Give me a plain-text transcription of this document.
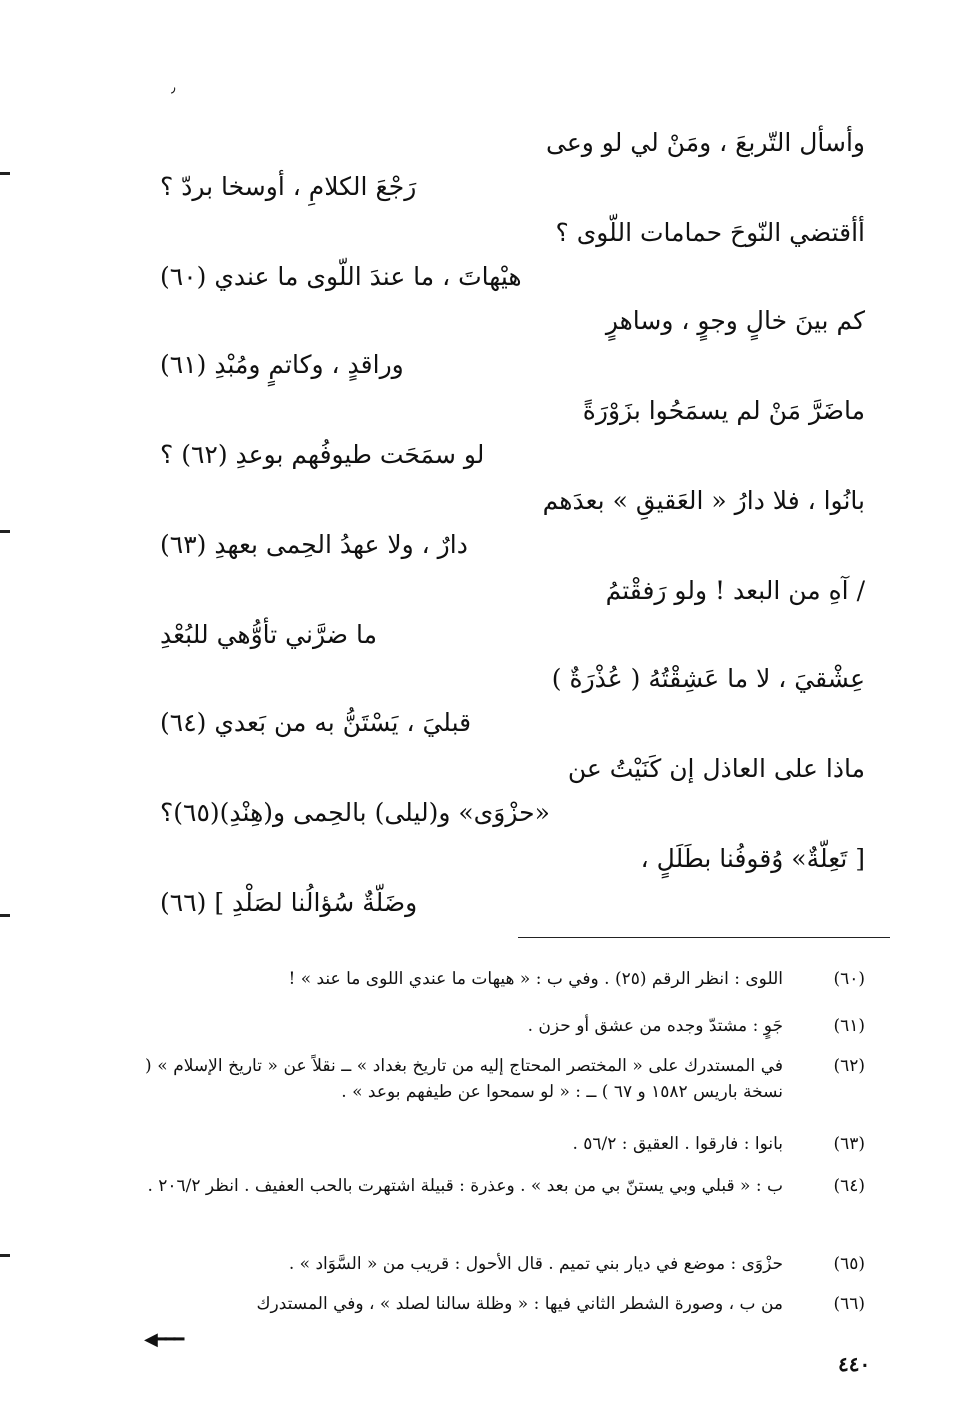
٫
وأسأل التّربعَ ، ومَنْ لي لو وعى
رَجْعَ الكلامِ ، أوسخا بردّ ؟
أأقتضي النّوحَ حمامات اللّوى ؟
هيْهاتَ ، ما عندَ اللّوى ما عندي (٦٠)
كم بينَ خالٍ وجوٍ ، وساهرٍ
وراقدٍ ، وكاتمٍ ومُبْدِ (٦١)
ماضَرَّ مَنْ لم يسمَحُوا بزَوْرَةً
لو سمَحَت طيوفُهم بوعدِ (٦٢) ؟
بانُوا ، فلا دارُ « العَقيقِ » بعدَهم
دارٌ ، ولا عهدُ الحِمى بعهدِ (٦٣)
/ آهِ من البعد ! ولو رَفقْتمُ
ما ضرَّني تأوُّهي للبُعْدِ
عِشْقيَ ، لا ما عَشِقْتُهُ ( عُذْرَةٌ )
قبليَ ، يَسْتَنُّ به من بَعدي (٦٤)
ماذا على العاذل إن كَنَيْتُ عن
«حزْوَى» و(ليلى) بالحِمى و(هِنْدِ)(٦٥)؟
[ تَعِلّةٌ» وُقوفُنا بطَلَلٍ ،
وضَلّةٌ سُؤالُنا لصَلْدِ ] (٦٦)
(٦٠)
اللوى : انظر الرقم (٢٥) . وفي ب : « هيهات ما عندي اللوى ما عند » !
(٦١)
جَوٍ : مشتدّ وجده من عشق أو حزن .
(٦٢)
في المستدرك على « المختصر المحتاج إليه من تاريخ بغداد » ــ نقلاً عن « تاريخ الإسلام » ( نسخة باريس ١٥٨٢ و ٦٧ ) ــ : « لو سمحوا عن طيفهم بوعد » .
(٦٣)
بانوا : فارقوا . العقيق : ٥٦/٢ .
(٦٤)
ب : « قبلي وبي يستنّ بي من بعد » . وعذرة : قبيلة اشتهرت بالحب العفيف . انظر ٢٠٦/٢ .
(٦٥)
حزْوَى : موضع في ديار بني تميم . قال الأحول : قريب من « السَّوَاد » .
(٦٦)
من ب ، وصورة الشطر الثاني فيها : « وظلة سالنا لصلد » ، وفي المستدرك
◀━━━
٤٤٠
